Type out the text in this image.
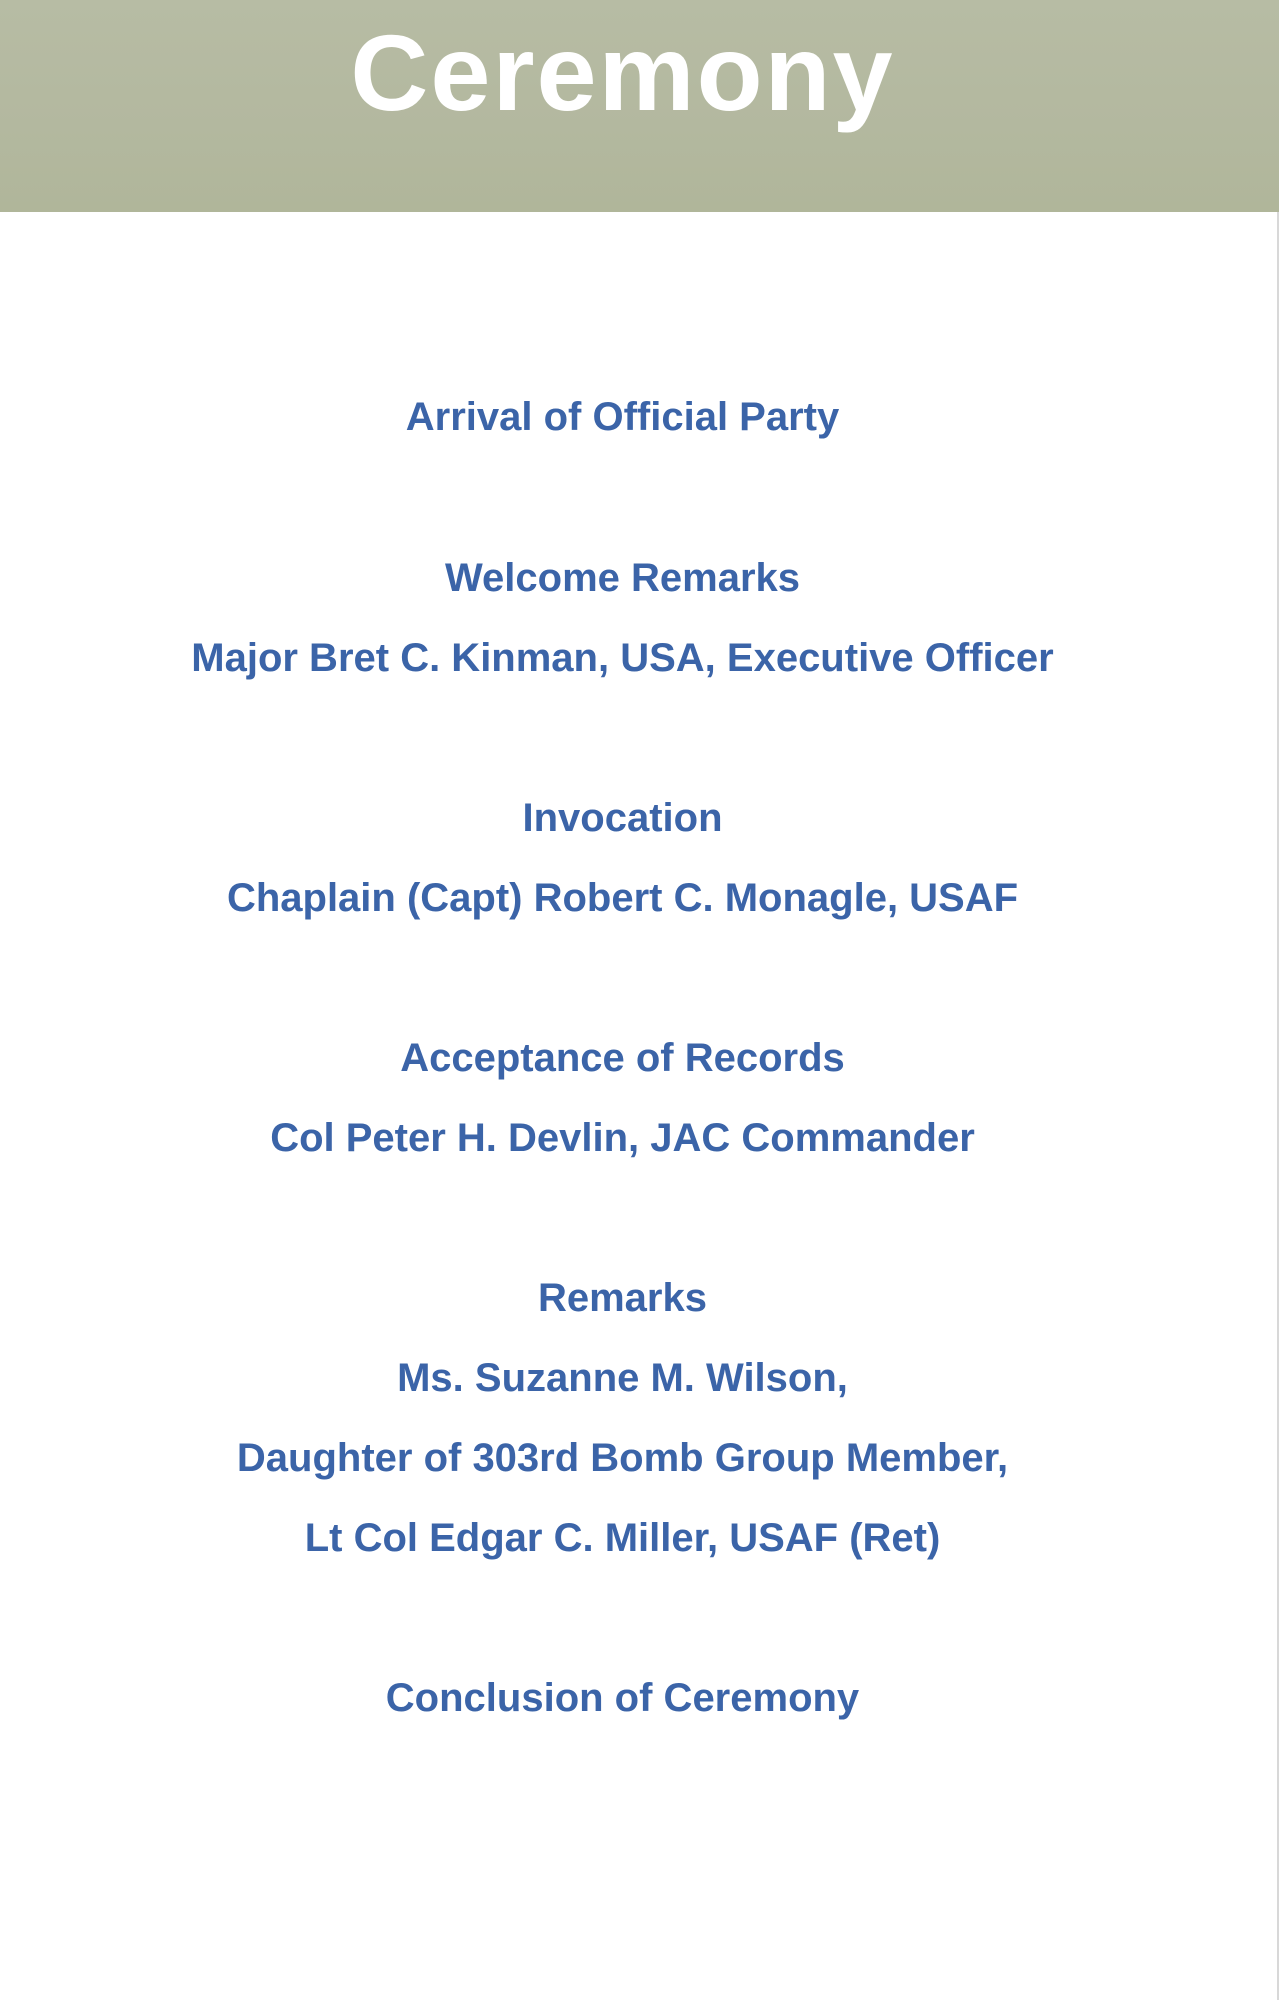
Ceremony
Arrival of Official Party
Welcome Remarks
Major Bret C. Kinman, USA, Executive Officer
Invocation
Chaplain (Capt) Robert C. Monagle, USAF
Acceptance of Records
Col Peter H. Devlin, JAC Commander
Remarks
Ms. Suzanne M. Wilson,
Daughter of 303rd Bomb Group Member,
Lt Col Edgar C. Miller, USAF (Ret)
Conclusion of Ceremony
